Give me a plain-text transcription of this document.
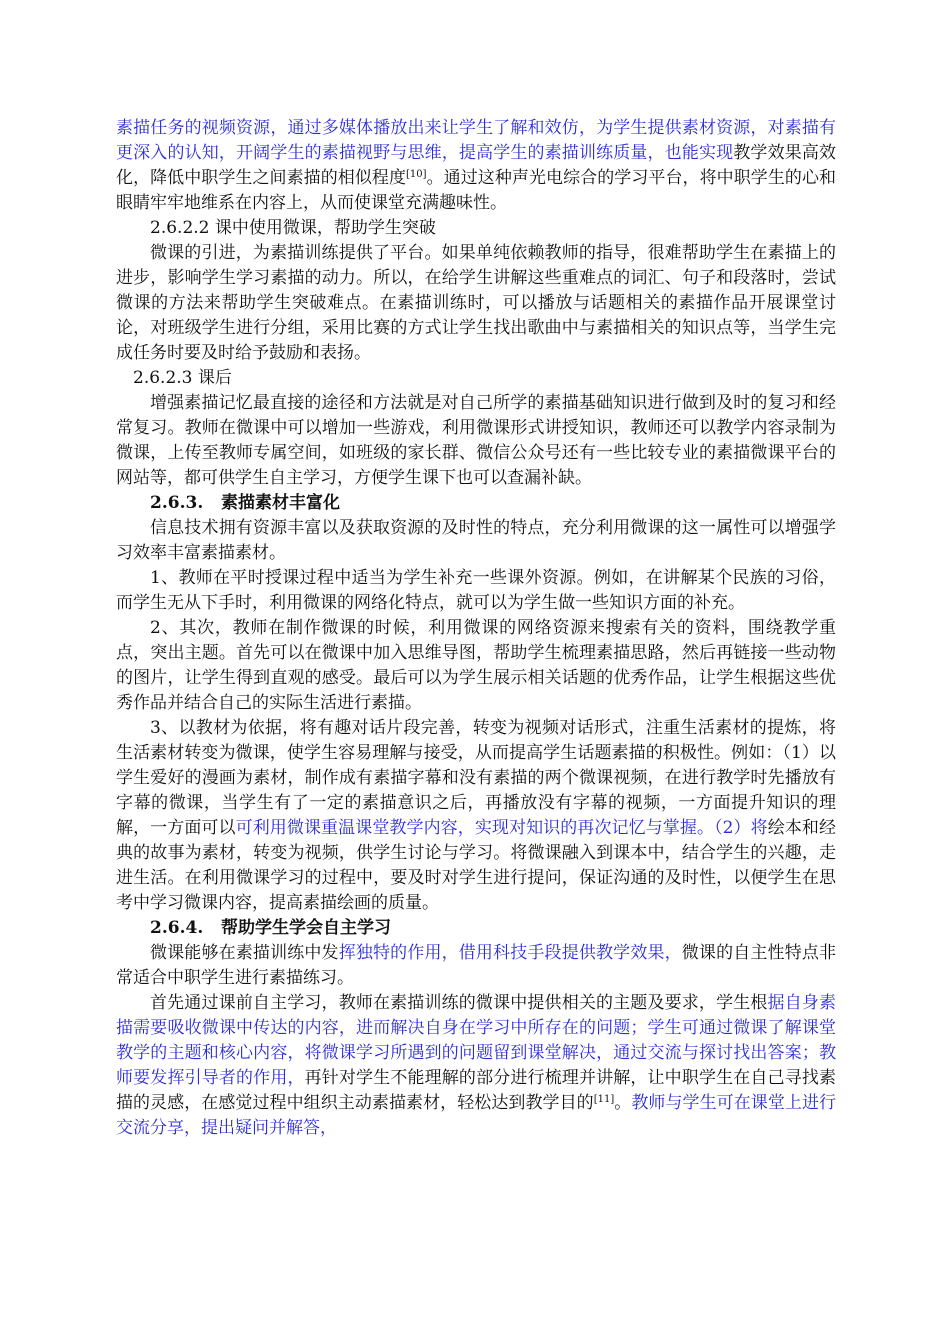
素描任务的视频资源，通过多媒体播放出来让学生了解和效仿，为学生提供素材资源，对素描有更深入的认知，开阔学生的素描视野与思维，提高学生的素描训练质量，也能实现教学效果高效化，降低中职学生之间素描的相似程度[10]。通过这种声光电综合的学习平台，将中职学生的心和眼睛牢牢地维系在内容上，从而使课堂充满趣味性。

2.6.2.2 课中使用微课，帮助学生突破

微课的引进，为素描训练提供了平台。如果单纯依赖教师的指导，很难帮助学生在素描上的进步，影响学生学习素描的动力。所以，在给学生讲解这些重难点的词汇、句子和段落时，尝试微课的方法来帮助学生突破难点。在素描训练时，可以播放与话题相关的素描作品开展课堂讨论，对班级学生进行分组，采用比赛的方式让学生找出歌曲中与素描相关的知识点等，当学生完成任务时要及时给予鼓励和表扬。

2.6.2.3 课后

增强素描记忆最直接的途径和方法就是对自己所学的素描基础知识进行做到及时的复习和经常复习。教师在微课中可以增加一些游戏，利用微课形式讲授知识，教师还可以教学内容录制为微课，上传至教师专属空间，如班级的家长群、微信公众号还有一些比较专业的素描微课平台的网站等，都可供学生自主学习，方便学生课下也可以查漏补缺。

2.6.3.   素描素材丰富化

信息技术拥有资源丰富以及获取资源的及时性的特点，充分利用微课的这一属性可以增强学习效率丰富素描素材。

1、教师在平时授课过程中适当为学生补充一些课外资源。例如，在讲解某个民族的习俗，而学生无从下手时，利用微课的网络化特点，就可以为学生做一些知识方面的补充。

2、其次，教师在制作微课的时候，利用微课的网络资源来搜索有关的资料，围绕教学重点，突出主题。首先可以在微课中加入思维导图，帮助学生梳理素描思路，然后再链接一些动物的图片，让学生得到直观的感受。最后可以为学生展示相关话题的优秀作品，让学生根据这些优秀作品并结合自己的实际生活进行素描。

3、以教材为依据，将有趣对话片段完善，转变为视频对话形式，注重生活素材的提炼，将生活素材转变为微课，使学生容易理解与接受，从而提高学生话题素描的积极性。例如：（1）以学生爱好的漫画为素材，制作成有素描字幕和没有素描的两个微课视频，在进行教学时先播放有字幕的微课，当学生有了一定的素描意识之后，再播放没有字幕的视频，一方面提升知识的理解，一方面可以可利用微课重温课堂教学内容，实现对知识的再次记忆与掌握。（2）将绘本和经典的故事为素材，转变为视频，供学生讨论与学习。将微课融入到课本中，结合学生的兴趣，走进生活。在利用微课学习的过程中，要及时对学生进行提问，保证沟通的及时性，以便学生在思考中学习微课内容，提高素描绘画的质量。

2.6.4.   帮助学生学会自主学习

微课能够在素描训练中发挥独特的作用，借用科技手段提供教学效果，微课的自主性特点非常适合中职学生进行素描练习。

首先通过课前自主学习，教师在素描训练的微课中提供相关的主题及要求，学生根据自身素描需要吸收微课中传达的内容，进而解决自身在学习中所存在的问题；学生可通过微课了解课堂教学的主题和核心内容，将微课学习所遇到的问题留到课堂解决，通过交流与探讨找出答案；教师要发挥引导者的作用，再针对学生不能理解的部分进行梳理并讲解，让中职学生在自己寻找素描的灵感，在感觉过程中组织主动素描素材，轻松达到教学目的[11]。教师与学生可在课堂上进行交流分享，提出疑问并解答，
